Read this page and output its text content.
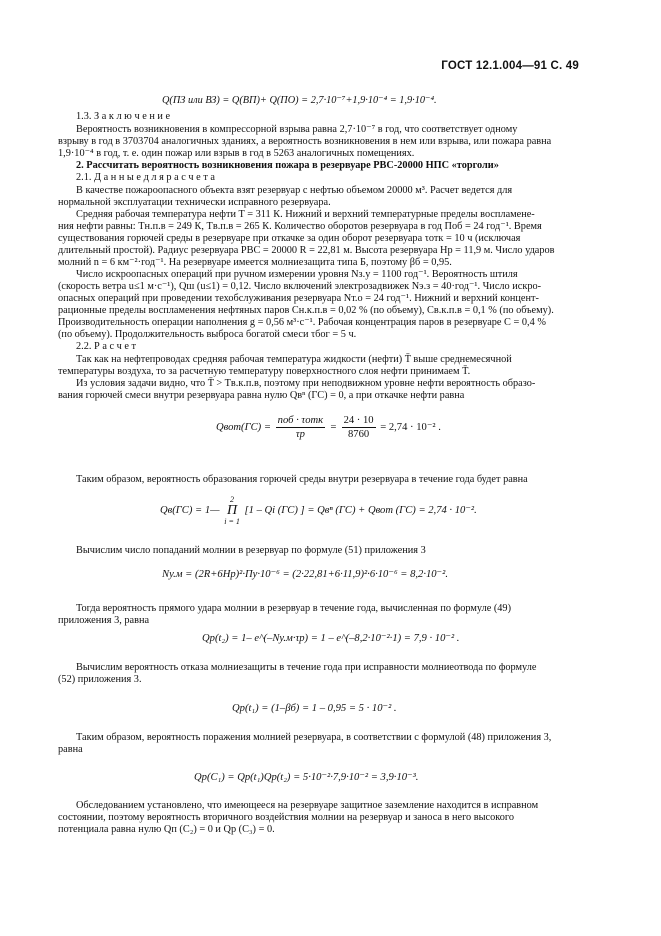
ГОСТ 12.1.004—91 С. 49
Q(ПЗ или ВЗ) = Q(ВП)+ Q(ПО) = 2,7·10⁻⁷+1,9·10⁻⁴ = 1,9·10⁻⁴.
1.3. З а к л ю ч е н и е
Вероятность возникновения в компрессорной взрыва равна 2,7·10⁻⁷ в год, что соответствует одному
взрыву в год в 3703704 аналогичных зданиях, а вероятность возникновения в нем или взрыва, или пожара равна
1,9·10⁻⁴ в год, т. е. один пожар или взрыв в год в 5263 аналогичных помещениях.
2. Рассчитать вероятность возникновения пожара в резервуаре РВС-20000 НПС «торголи»
2.1. Д а н н ы е д л я р а с ч е т а
В качестве пожароопасного объекта взят резервуар с нефтью объемом 20000 м³. Расчет ведется для
нормальной эксплуатации технически исправного резервуара.
Средняя рабочая температура нефти T = 311 К. Нижний и верхний температурные пределы воспламене-
ния нефти равны: Tн.п.в = 249 К, Tв.п.в = 265 К. Количество оборотов резервуара в год Поб = 24 год⁻¹. Время
существования горючей среды в резервуаре при откачке за один оборот резервуара τотк = 10 ч (исключая
длительный простой). Радиус резервуара РВС = 20000 R = 22,81 м. Высота резервуара Hр = 11,9 м. Число ударов
молний n = 6 км⁻²·год⁻¹. На резервуаре имеется молниезащита типа Б, поэтому βб = 0,95.
Число искроопасных операций при ручном измерении уровня Nз.у = 1100 год⁻¹. Вероятность штиля
(скорость ветра u≤1 м·с⁻¹), Qш (u≤1) = 0,12. Число включений электрозадвижек Nэ.з = 40·год⁻¹. Число искро-
опасных операций при проведении техобслуживания резервуара Nт.о = 24 год⁻¹. Нижний и верхний концент-
рационные пределы воспламенения нефтяных паров Cн.к.п.в = 0,02 % (по объему), Cв.к.п.в = 0,1 % (по объему).
Производительность операции наполнения g = 0,56 м³·с⁻¹. Рабочая концентрация паров в резервуаре C = 0,4 %
(по объему). Продолжительность выброса богатой смеси τбог = 5 ч.
2.2. Р а с ч е т
Так как на нефтепроводах средняя рабочая температура жидкости (нефти) T̄ выше среднемесячной
температуры воздуха, то за расчетную температуру поверхностного слоя нефти принимаем T̄.
Из условия задачи видно, что T̄ > Tв.к.п.в, поэтому при неподвижном уровне нефти вероятность образо-
вания горючей смеси внутри резервуара равна нулю Qвⁿ (ГС) = 0, а при откачке нефти равна
Qвот(ГС) = $\frac{\text{nоб · τотк}}{\tau р} = \frac{24 \cdot 10}{8760} = 2,74 \cdot 10^{-2}$ .
Таким образом, вероятность образования горючей среды внутри резервуара в течение года будет равна
Qв(ГС) = 1— 2
Π
i = 1 [1 – Qi (ГС) ] = Qвⁿ (ГС) + Qвот (ГС) = 2,74 · 10⁻².
Вычислим число попаданий молнии в резервуар по формуле (51) приложения 3
Nу.м = (2R+6Hр)²·Пу·10⁻⁶ = (2·22,81+6·11,9)²·6·10⁻⁶ = 8,2·10⁻².
Тогда вероятность прямого удара молнии в резервуар в течение года, вычисленная по формуле (49)
приложения 3, равна
Qр(t₂) = 1– e^(–Nу.м·τр) = 1 – e^(–8,2·10⁻²·1) = 7,9 · 10⁻² .
Вычислим вероятность отказа молниезащиты в течение года при исправности молниеотвода по формуле
(52) приложения 3.
Qр(t₁) = (1–βб) = 1 – 0,95 = 5 · 10⁻² .
Таким образом, вероятность поражения молнией резервуара, в соответствии с формулой (48) приложения 3,
равна
Qр(C₁) = Qр(t₁)Qр(t₂) = 5·10⁻²·7,9·10⁻² = 3,9·10⁻³.
Обследованием установлено, что имеющееся на резервуаре защитное заземление находится в исправном
состоянии, поэтому вероятность вторичного воздействия молнии на резервуар и заноса в него высокого
потенциала равна нулю Qп (C₂) = 0 и Qр (C₃) = 0.
